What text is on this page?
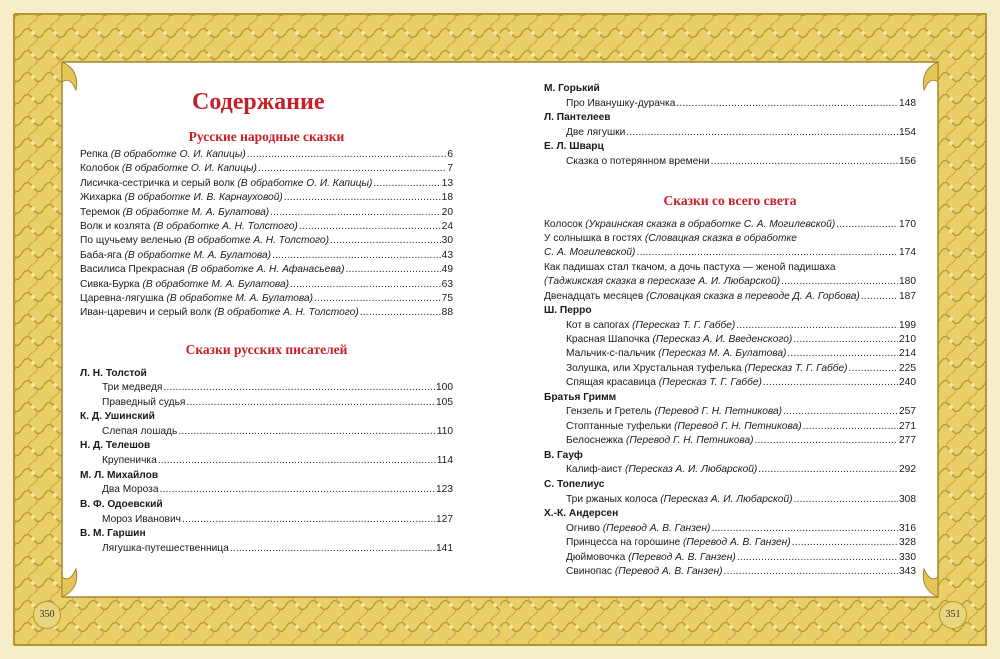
Содержание
Русские народные сказки
Репка (В обработке О. И. Капицы) .....	6
Колобок (В обработке О. И. Капицы) .....	7
Лисичка-сестричка и серый волк (В обработке О. И. Капицы) .....	13
Жихарка (В обработке И. В. Карнауховой) .....	18
Теремок (В обработке М. А. Булатова) .....	20
Волк и козлята (В обработке А. Н. Толстого) .....	24
По щучьему веленью (В обработке А. Н. Толстого) .....	30
Баба-яга (В обработке М. А. Булатова) .....	43
Василиса Прекрасная (В обработке А. Н. Афанасьева) .....	49
Сивка-Бурка (В обработке М. А. Булатова) .....	63
Царевна-лягушка (В обработке М. А. Булатова) .....	75
Иван-царевич и серый волк (В обработке А. Н. Толстого) .....	88
Сказки русских писателей
Л. Н. Толстой
Три медведя .....	100
Праведный судья .....	105
К. Д. Ушинский
Слепая лошадь .....	110
Н. Д. Телешов
Крупеничка .....	114
М. Л. Михайлов
Два Мороза .....	123
В. Ф. Одоевский
Мороз Иванович .....	127
В. М. Гаршин
Лягушка-путешественница .....	141
350
М. Горький
Про Иванушку-дурачка .....	148
Л. Пантелеев
Две лягушки .....	154
Е. Л. Шварц
Сказка о потерянном времени .....	156
Сказки со всего света
Колосок (Украинская сказка в обработке С. А. Могилевской) .....	170
У солнышка в гостях (Словацкая сказка в обработке
С. А. Могилевской) .....	174
Как падишах стал ткачом, а дочь пастуха — женой падишаха
(Таджикская сказка в пересказе А. И. Любарской) .....	180
Двенадцать месяцев (Словацкая сказка в переводе Д. А. Горбова) .....	187
Ш. Перро
Кот в сапогах (Пересказ Т. Г. Габбе) .....	199
Красная Шапочка (Пересказ А. И. Введенского) .....	210
Мальчик-с-пальчик (Пересказ М. А. Булатова) .....	214
Золушка, или Хрустальная туфелька (Пересказ Т. Г. Габбе) .....	225
Спящая красавица (Пересказ Т. Г. Габбе) .....	240
Братья Гримм
Гензель и Гретель (Перевод Г. Н. Петникова) .....	257
Стоптанные туфельки (Перевод Г. Н. Петникова) .....	271
Белоснежка (Перевод Г. Н. Петникова) .....	277
В. Гауф
Калиф-аист (Пересказ А. И. Любарской) .....	292
С. Топелиус
Три ржаных колоса (Пересказ А. И. Любарской) .....	308
Х.-К. Андерсен
Огниво (Перевод А. В. Ганзен) .....	316
Принцесса на горошине (Перевод А. В. Ганзен) .....	328
Дюймовочка (Перевод А. В. Ганзен) .....	330
Свинопас (Перевод А. В. Ганзен) .....	343
351
